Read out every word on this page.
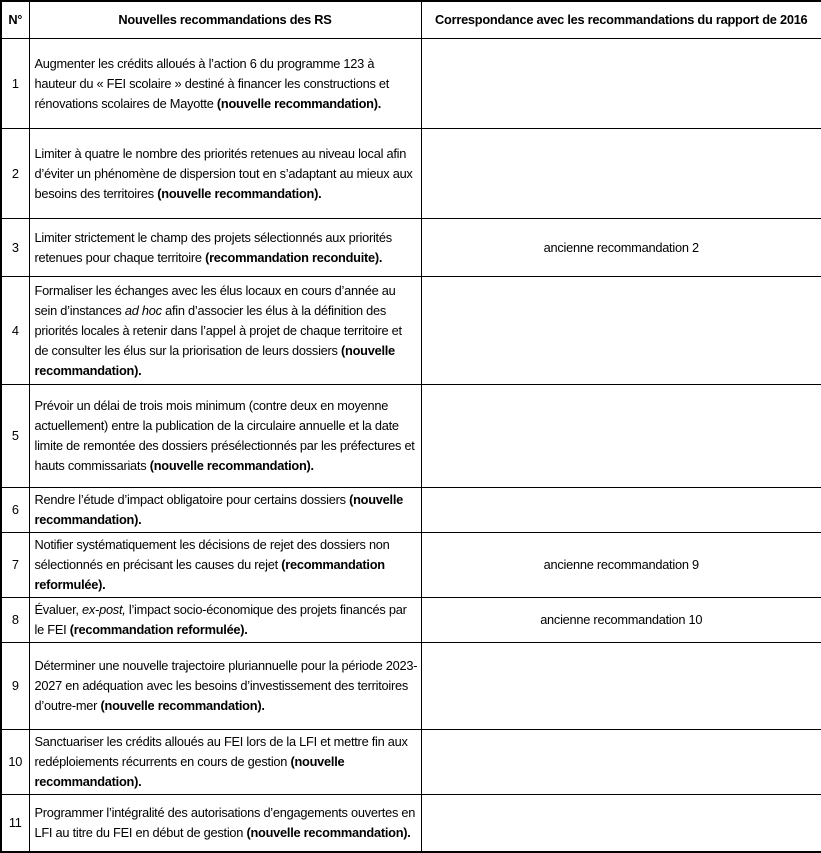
N°	Nouvelles recommandations des RS	Correspondance avec les recommandations du rapport de 2016
1	Augmenter les crédits alloués à l’action 6 du programme 123 à hauteur du « FEI scolaire » destiné à financer les constructions et rénovations scolaires de Mayotte (nouvelle recommandation).	
2	Limiter à quatre le nombre des priorités retenues au niveau local afin d’éviter un phénomène de dispersion tout en s’adaptant au mieux aux besoins des territoires (nouvelle recommandation).	
3	Limiter strictement le champ des projets sélectionnés aux priorités retenues pour chaque territoire (recommandation reconduite).	ancienne recommandation 2
4	Formaliser les échanges avec les élus locaux en cours d’année au sein d’instances ad hoc afin d’associer les élus à la définition des priorités locales à retenir dans l’appel à projet de chaque territoire et de consulter les élus sur la priorisation de leurs dossiers (nouvelle recommandation).	
5	Prévoir un délai de trois mois minimum (contre deux en moyenne actuellement) entre la publication de la circulaire annuelle et la date limite de remontée des dossiers présélectionnés par les préfectures et hauts commissariats (nouvelle recommandation).	
6	Rendre l’étude d’impact obligatoire pour certains dossiers (nouvelle recommandation).	
7	Notifier systématiquement les décisions de rejet des dossiers non sélectionnés en précisant les causes du rejet (recommandation reformulée).	ancienne recommandation 9
8	Évaluer, ex-post, l’impact socio-économique des projets financés par le FEI (recommandation reformulée).	ancienne recommandation 10
9	Déterminer une nouvelle trajectoire pluriannuelle pour la période 2023-2027 en adéquation avec les besoins d’investissement des territoires d’outre-mer (nouvelle recommandation).	
10	Sanctuariser les crédits alloués au FEI lors de la LFI et mettre fin aux redéploiements récurrents en cours de gestion (nouvelle recommandation).	
11	Programmer l’intégralité des autorisations d’engagements ouvertes en LFI au titre du FEI en début de gestion (nouvelle recommandation).	
